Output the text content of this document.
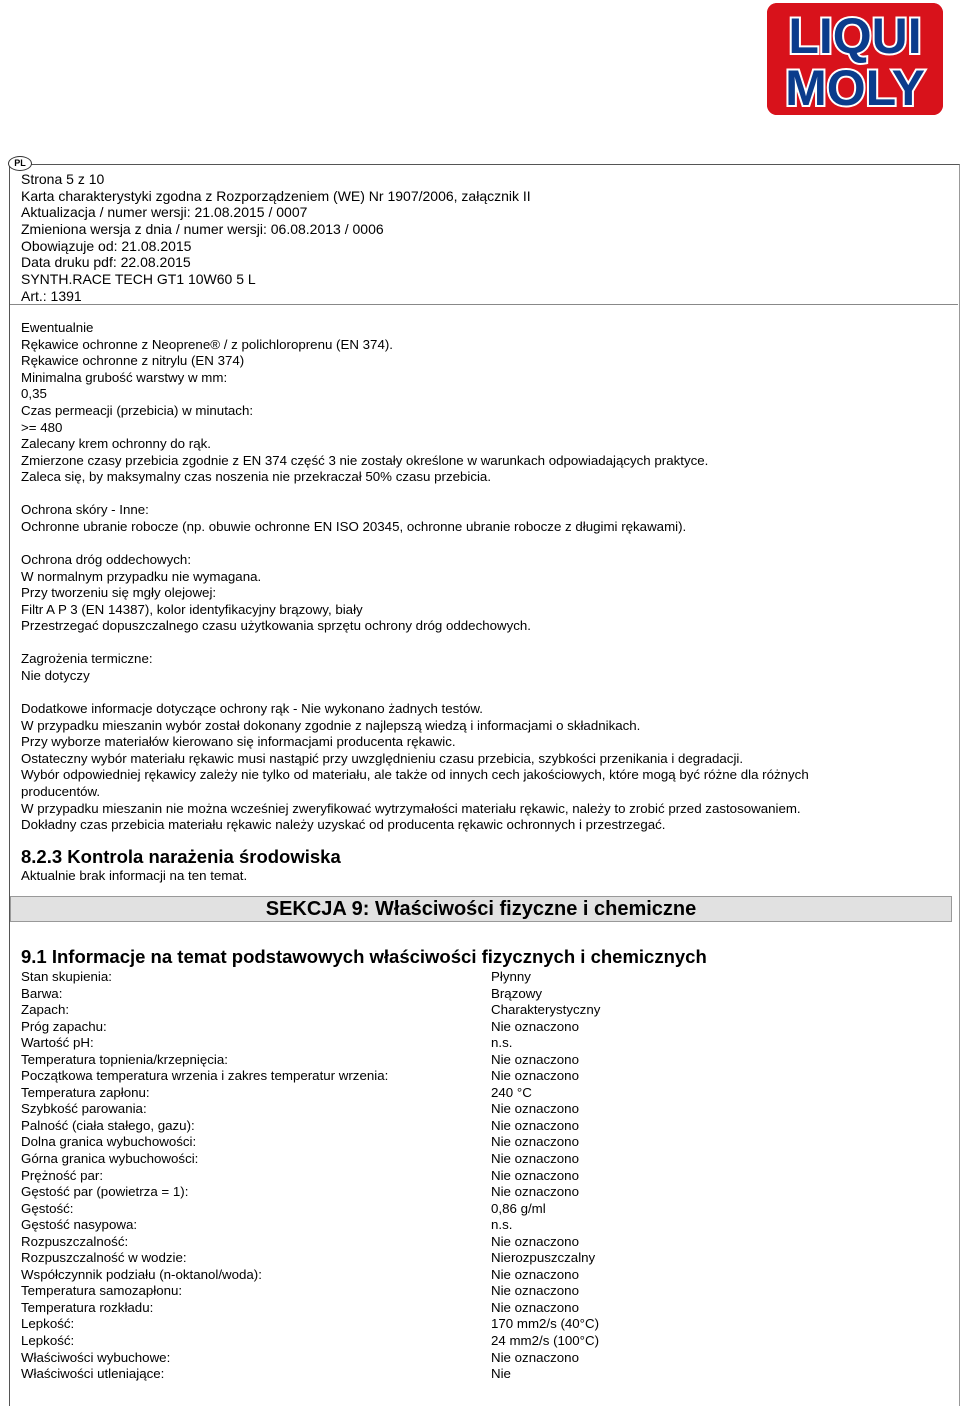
LIQUI
MOLY
PL
Strona 5 z 10
Karta charakterystyki zgodna z Rozporządzeniem (WE) Nr 1907/2006, załącznik II
Aktualizacja / numer wersji: 21.08.2015 / 0007
Zmieniona wersja z dnia / numer wersji: 06.08.2013 / 0006
Obowiązuje od: 21.08.2015
Data druku pdf: 22.08.2015
SYNTH.RACE TECH GT1 10W60 5 L
Art.: 1391
Ewentualnie
Rękawice ochronne z Neoprene® / z polichloroprenu (EN 374).
Rękawice ochronne z nitrylu (EN 374)
Minimalna grubość warstwy w mm:
0,35
Czas permeacji (przebicia) w minutach:
>= 480
Zalecany krem ochronny do rąk.
Zmierzone czasy przebicia zgodnie z EN 374 część 3 nie zostały określone w warunkach odpowiadających praktyce.
Zaleca się, by maksymalny czas noszenia nie przekraczał 50% czasu przebicia.
Ochrona skóry - Inne:
Ochronne ubranie robocze (np. obuwie ochronne EN ISO 20345, ochronne ubranie robocze z długimi rękawami).
Ochrona dróg oddechowych:
W normalnym przypadku nie wymagana.
Przy tworzeniu się mgły olejowej:
Filtr A P 3 (EN 14387), kolor identyfikacyjny brązowy, biały
Przestrzegać dopuszczalnego czasu użytkowania sprzętu ochrony dróg oddechowych.
Zagrożenia termiczne:
Nie dotyczy
Dodatkowe informacje dotyczące ochrony rąk - Nie wykonano żadnych testów.
W przypadku mieszanin wybór został dokonany zgodnie z najlepszą wiedzą i informacjami o składnikach.
Przy wyborze materiałów kierowano się informacjami producenta rękawic.
Ostateczny wybór materiału rękawic musi nastąpić przy uwzględnieniu czasu przebicia, szybkości przenikania i degradacji.
Wybór odpowiedniej rękawicy zależy nie tylko od materiału, ale także od innych cech jakościowych, które mogą być różne dla różnych
producentów.
W przypadku mieszanin nie można wcześniej zweryfikować wytrzymałości materiału rękawic, należy to zrobić przed zastosowaniem.
Dokładny czas przebicia materiału rękawic należy uzyskać od producenta rękawic ochronnych i przestrzegać.
8.2.3 Kontrola narażenia środowiska
Aktualnie brak informacji na ten temat.
SEKCJA 9: Właściwości fizyczne i chemiczne
9.1 Informacje na temat podstawowych właściwości fizycznych i chemicznych
Stan skupienia:	Płynny
Barwa:	Brązowy
Zapach:	Charakterystyczny
Próg zapachu:	Nie oznaczono
Wartość pH:	n.s.
Temperatura topnienia/krzepnięcia:	Nie oznaczono
Początkowa temperatura wrzenia i zakres temperatur wrzenia:	Nie oznaczono
Temperatura zapłonu:	240 °C
Szybkość parowania:	Nie oznaczono
Palność (ciała stałego, gazu):	Nie oznaczono
Dolna granica wybuchowości:	Nie oznaczono
Górna granica wybuchowości:	Nie oznaczono
Prężność par:	Nie oznaczono
Gęstość par (powietrza = 1):	Nie oznaczono
Gęstość:	0,86 g/ml
Gęstość nasypowa:	n.s.
Rozpuszczalność:	Nie oznaczono
Rozpuszczalność w wodzie:	Nierozpuszczalny
Współczynnik podziału (n-oktanol/woda):	Nie oznaczono
Temperatura samozapłonu:	Nie oznaczono
Temperatura rozkładu:	Nie oznaczono
Lepkość:	170 mm2/s (40°C)
Lepkość:	24 mm2/s (100°C)
Właściwości wybuchowe:	Nie oznaczono
Właściwości utleniające:	Nie
